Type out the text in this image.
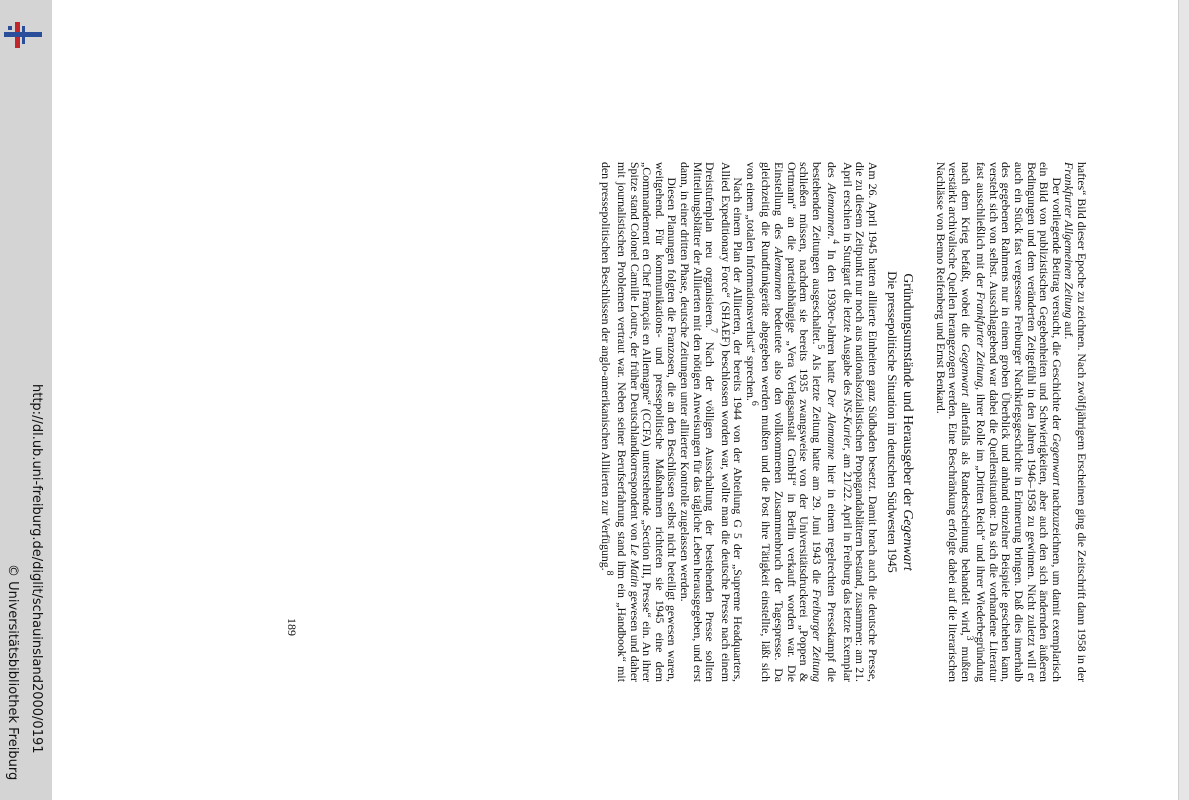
http://dl.ub.uni-freiburg.de/diglit/schauinsland2000/0191
© Universitätsbibliothek Freiburg	haftes“ Bild dieser Epoche zu zeichnen. Nach zwölfjährigem Erscheinen ging die Zeitschrift dann 1958 in der Frankfurter Allgemeinen Zeitung auf.

Der vorliegende Beitrag versucht, die Geschichte der Gegenwart nachzuzeichnen, um damit exemplarisch ein Bild von publizistischen Gegebenheiten und Schwierigkeiten, aber auch den sich ändernden äußeren Bedingungen und dem veränderten Zeitgefühl in den Jahren 1946–1958 zu gewinnen. Nicht zuletzt will er auch ein Stück fast vergessene Freiburger Nachkriegsgeschichte in Erinnerung bringen. Daß dies innerhalb des gegebenen Rahmens nur in einem groben Überblick und anhand einzelner Beispiele geschehen kann, versteht sich von selbst. Ausschlaggebend war dabei die Quellensituation: Da sich die vorhandene Literatur fast ausschließlich mit der Frankfurter Zeitung, ihrer Rolle im „Dritten Reich“ und ihrer Wiederbegründung nach dem Krieg befaßt, wobei die Gegenwart allenfalls als Randerscheinung behandelt wird,$^3$ mußten verstärkt archivalische Quellen herangezogen werden. Eine Beschränkung erfolgte dabei auf die literarischen Nachlässe von Benno Reifenberg und Ernst Benkard.

Gründungsumstände und Herausgeber der Gegenwart
Die pressepolitische Situation im deutschen Südwesten 1945

Am 26. April 1945 hatten alliierte Einheiten ganz Südbaden besetzt. Damit brach auch die deutsche Presse, die zu diesem Zeitpunkt nur noch aus nationalsozialistischen Propagandablättern bestand, zusammen: am 21. April erschien in Stuttgart die letzte Ausgabe des NS-Kurier, am 21/22. April in Freiburg das letzte Exemplar des Alemannen.$^4$ In den 1930er-Jahren hatte Der Alemanne hier in einem regelrechten Pressekampf die bestehenden Zeitungen ausgeschaltet.$^5$ Als letzte Zeitung hatte am 29. Juni 1943 die Freiburger Zeitung schließen müssen, nachdem sie bereits 1935 zwangsweise von der Universitätsdruckerei „Poppen & Ortmann“ an die parteiabhängige „Vera Verlagsanstalt GmbH“ in Berlin verkauft worden war. Die Einstellung des Alemannen bedeutete also den vollkommenen Zusammenbruch der Tagespresse. Da gleichzeitig die Rundfunkgeräte abgegeben werden mußten und die Post ihre Tätigkeit einstellte, läßt sich von einem „totalen Informationsverlust“ sprechen.$^6$

Nach einem Plan der Alliierten, der bereits 1944 von der Abteilung G 5 der „Supreme Headquarters, Allied Expeditionary Force“ (SHAEF) beschlossen worden war, wollte man die deutsche Presse nach einem Dreistufenplan neu organisieren.$^7$ Nach der völligen Ausschaltung der bestehenden Presse sollten Mitteilungsblätter der Alliierten mit den nötigen Anweisungen für das tägliche Leben herausgegeben, und erst dann, in einer dritten Phase, deutsche Zeitungen unter alliierter Kontrolle zugelassen werden.

Diesen Planungen folgten die Franzosen, die an den Beschlüssen selbst nicht beteiligt gewesen waren, weitgehend. Für kommunikations- und pressepolitische Maßnahmen richteten sie 1945 eine dem „Commandement en Chef Français en Allemagne“ (CCFA) unterstehende „Section III, Presse“ ein. An ihrer Spitze stand Colonel Camille Loutre, der früher Deutschlandkorrespondent von Le Matin gewesen und daher mit journalistischen Problemen vertraut war. Neben seiner Berufserfahrung stand ihm ein „Handbook“ mit den pressepolitischen Beschlüssen der anglo-amerikanischen Alliierten zur Verfügung.$^8$

189
